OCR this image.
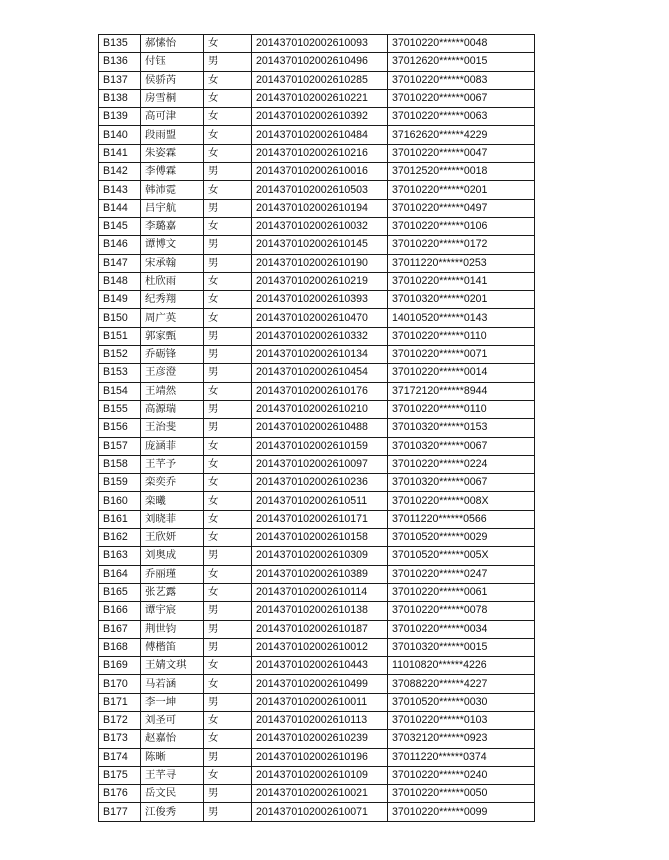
B135	郝愫怡	女	2014370102002610093	37010220******0048
B136	付钰	男	2014370102002610496	37012620******0015
B137	侯骄芮	女	2014370102002610285	37010220******0083
B138	房雪桐	女	2014370102002610221	37010220******0067
B139	高可津	女	2014370102002610392	37010220******0063
B140	段雨盟	女	2014370102002610484	37162620******4229
B141	朱姿霖	女	2014370102002610216	37010220******0047
B142	李傅霖	男	2014370102002610016	37012520******0018
B143	韩沛霓	女	2014370102002610503	37010220******0201
B144	吕宇航	男	2014370102002610194	37010220******0497
B145	李璐嘉	女	2014370102002610032	37010220******0106
B146	谭博文	男	2014370102002610145	37010220******0172
B147	宋承翰	男	2014370102002610190	37011220******0253
B148	杜欣雨	女	2014370102002610219	37010220******0141
B149	纪秀翔	女	2014370102002610393	37010320******0201
B150	周广英	女	2014370102002610470	14010520******0143
B151	郭家甄	男	2014370102002610332	37010220******0110
B152	乔砺锋	男	2014370102002610134	37010220******0071
B153	王彦澄	男	2014370102002610454	37010220******0014
B154	王靖然	女	2014370102002610176	37172120******8944
B155	高源瑞	男	2014370102002610210	37010220******0110
B156	王治斐	男	2014370102002610488	37010320******0153
B157	庞涵菲	女	2014370102002610159	37010320******0067
B158	王芊予	女	2014370102002610097	37010220******0224
B159	栾奕乔	女	2014370102002610236	37010320******0067
B160	栾曦	女	2014370102002610511	37010220******008X
B161	刘晓菲	女	2014370102002610171	37011220******0566
B162	王欣妍	女	2014370102002610158	37010520******0029
B163	刘奥成	男	2014370102002610309	37010520******005X
B164	乔丽瑾	女	2014370102002610389	37010220******0247
B165	张艺露	女	2014370102002610114	37010220******0061
B166	谭宇宸	男	2014370102002610138	37010220******0078
B167	荆世钧	男	2014370102002610187	37010220******0034
B168	傅楷笛	男	2014370102002610012	37010320******0015
B169	王婧文琪	女	2014370102002610443	11010820******4226
B170	马若涵	女	2014370102002610499	37088220******4227
B171	李一坤	男	2014370102002610011	37010520******0030
B172	刘圣可	女	2014370102002610113	37010220******0103
B173	赵嘉怡	女	2014370102002610239	37032120******0923
B174	陈晰	男	2014370102002610196	37011220******0374
B175	王芊寻	女	2014370102002610109	37010220******0240
B176	岳文民	男	2014370102002610021	37010220******0050
B177	江俊秀	男	2014370102002610071	37010220******0099
